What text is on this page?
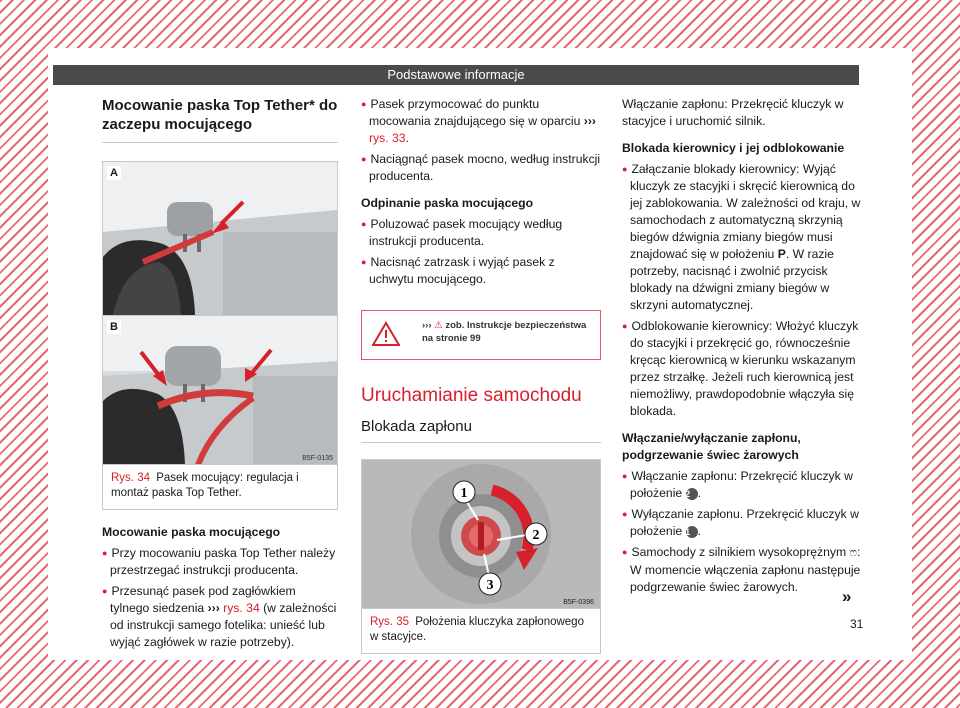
Podstawowe informacje
Mocowanie paska Top Tether* do zaczepu mocującego
A
B
B5F-0135
Rys. 34 Pasek mocujący: regulacja i montaż paska Top Tether.

Mocowanie paska mocującego

● Przy mocowaniu paska Top Tether należy przestrzegać instrukcji producenta.

● Przesunąć pasek pod zagłówkiem tylnego siedzenia ››› rys. 34 (w zależności od instrukcji samego fotelika: unieść lub wyjąć zagłówek w razie potrzeby).

● Pasek przymocować do punktu mocowania znajdującego się w oparciu ››› rys. 33.

● Naciągnąć pasek mocno, według instrukcji producenta.

Odpinanie paska mocującego

● Poluzować pasek mocujący według instrukcji producenta.

● Nacisnąć zatrzask i wyjąć pasek z uchwytu mocującego.

››› ⚠ zob. Instrukcje bezpieczeństwa na stronie 99
Uruchamianie samochodu
Blokada zapłonu
1
2
3
B5F-0396
Rys. 35 Położenia kluczyka zapłonowego w stacyjce.

Włączanie zapłonu: Przekręcić kluczyk w stacyjce i uruchomić silnik.

Blokada kierownicy i jej odblokowanie

● Załączanie blokady kierownicy: Wyjąć kluczyk ze stacyjki i skręcić kierownicą do jej zablokowania. W zależności od kraju, w samochodach z automatyczną skrzynią biegów dźwignia zmiany biegów musi znajdować się w położeniu P. W razie potrzeby, nacisnąć i zwolnić przycisk blokady na dźwigni zmiany biegów w skrzyni automatycznej.

● Odblokowanie kierownicy: Włożyć kluczyk do stacyjki i przekręcić go, równocześnie kręcąc kierownicą w kierunku wskazanym przez strzałkę. Jeżeli ruch kierownicą jest niemożliwy, prawdopodobnie włączyła się blokada.

Włączanie/wyłączanie zapłonu, podgrzewanie świec żarowych

● Włączanie zapłonu: Przekręcić kluczyk w położenie 2 .

● Wyłączanie zapłonu. Przekręcić kluczyk w położenie 1 .

● Samochody z silnikiem wysokoprężnym ෆ: W momencie włączenia zapłonu następuje podgrzewanie świec żarowych.	»
31
